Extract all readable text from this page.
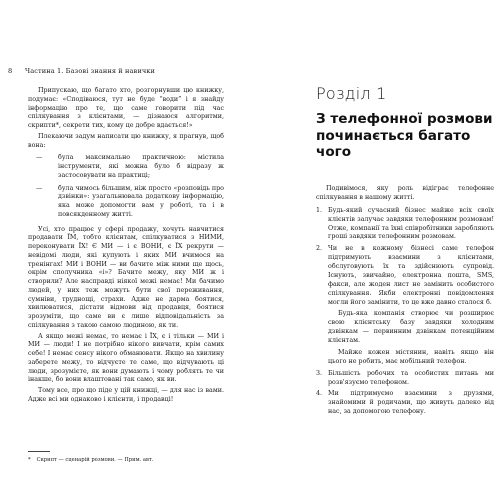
8 Частина 1. Базові знання й навички

Припускаю, що багато хто, розгорнувши цю книжку, подумає: «Сподіваюся, тут не буде “води” і я знайду інформацію про те, що саме говорити під час спілкування з клієнтами, — дізнаюся алгоритми, скрипти*, секрети тих, кому це добре вдається!»

Плекаючи задум написати цю книжку, я прагнув, щоб вона:

— була максимально практичною: містила інструменти, які можна було б відразу ж застосовувати на практиці;
— була чимось більшим, ніж просто «розповідь про дзвінки»: узагальнювала додаткову інформацію, яка може допомогти вам у роботі, та і в повсякденному житті.

Усі, хто працює у сфері продажу, хочуть навчитися продавати ЇМ, тобто клієнтам, спілкуватися з НИМИ, переконувати ЇХ! Є МИ — і є ВОНИ, є ЇХ рекрути — невідомі люди, які купують і яких МИ вчимося на тренінгах! МИ і ВОНИ — ви бачите між ними ще щось, окрім сполучника «і»? Бачите межу, яку МИ ж і створили? Але насправді ніякої межі немає! Ми бачимо людей, у них теж можуть бути свої переживання, сумніви, труднощі, страхи. Адже не дарма боятися, хвилюватися, дістати відмови від продавця, боятися зрозуміти, що саме ви є лише відповідальність за спілкування з такою самою людиною, як ти.

А якщо межі немає, то немає і ЇХ, є і тільки — МИ і МИ — люди! І не потрібно нікого вивчати, крім самих себе! І немає сенсу нікого обманювати. Якщо на хвилину заберете межу, то відчуєте те саме, що відчувають ці люди, зрозумієте, як вони думають і чому роблять те чи інакше, бо вони влаштовані так само, як ви.

Тому все, про що піде у цій книжці, — для нас із вами. Адже всі ми однаково і клієнти, і продавці!

* Скрипт — сценарій розмови. — Прим. авт.
Розділ 1
З телефонної розмови починається багато чого

Подивімося, яку роль відіграє телефонне спілкування в нашому житті.

1. Будь-який сучасний бізнес майже всіх своїх клієнтів залучає завдяки телефонним розмовам! Отже, компанії та їхні співробітники заробляють гроші завдяки телефонним розмовам.
2. Чи не в кожному бізнесі саме телефон підтримують взаємини з клієнтами, обслуговують їх та здійснюють супровід. Існують, звичайно, електронна пошта, SMS, факси, але жоден лист не замінить особистого спілкування. Якби електронні повідомлення могли його замінити, то це вже давно сталося б.

Будь-яка компанія створює чи розширює свою клієнтську базу завдяки холодним дзвінкам — первинним дзвінкам потенційним клієнтам.

Майже кожен містянин, навіть якщо він цього не робить, має мобільний телефон.

3. Більшість робочих та особистих питань ми розв'язуємо телефоном.
4. Ми підтримуємо взаємини з друзями, знайомими й родичами, що живуть далеко від нас, за допомогою телефону.
